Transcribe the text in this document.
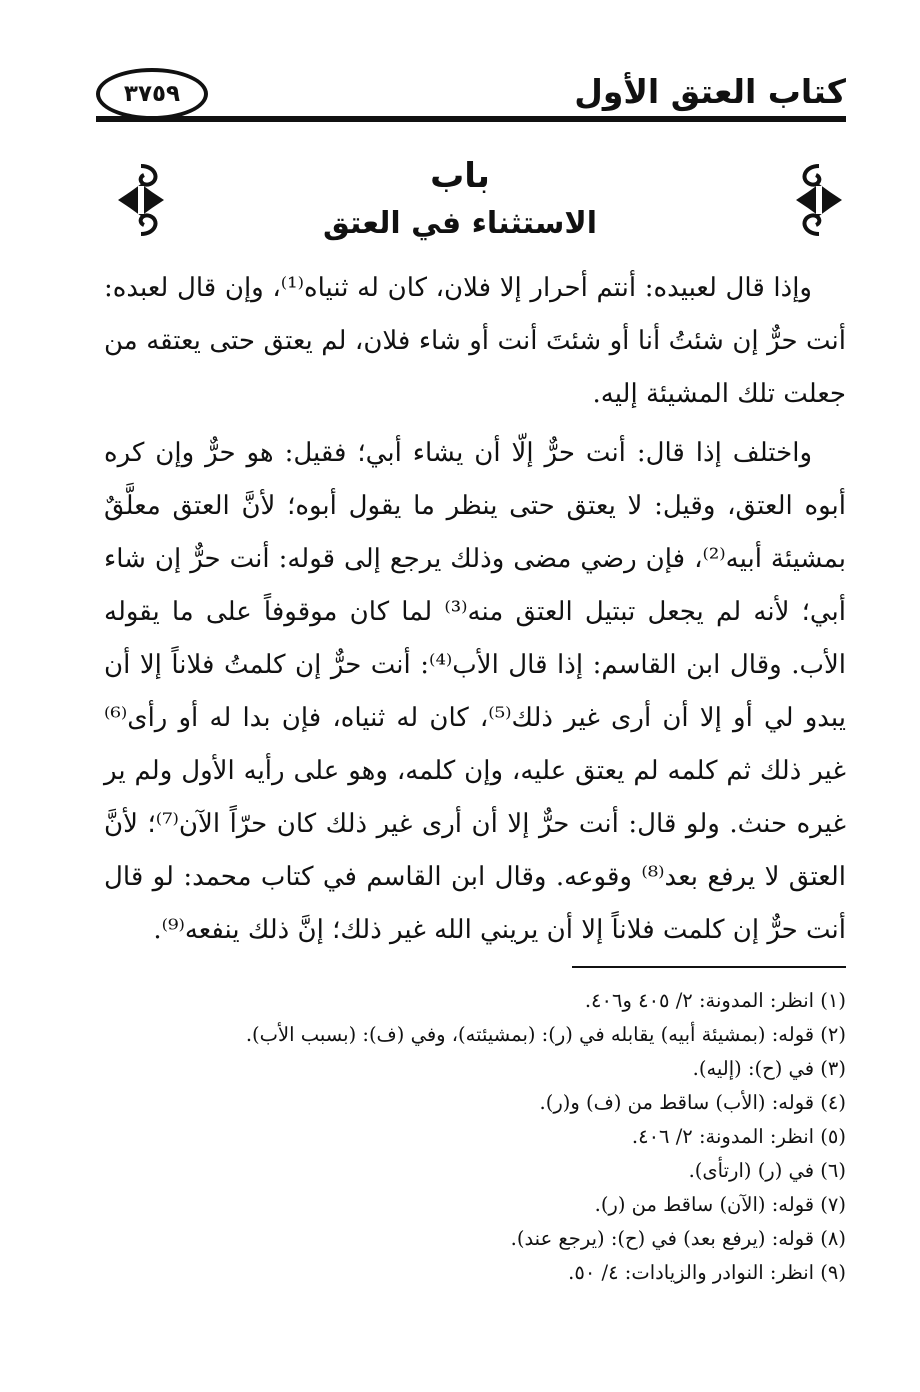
كتاب العتق الأول
٣٧٥٩
باب
الاستثناء في العتق

وإذا قال لعبيده: أنتم أحرار إلا فلان، كان له ثنياه⁽¹⁾، وإن قال لعبده: أنت حرٌّ إن شئتُ أنا أو شئتَ أنت أو شاء فلان، لم يعتق حتى يعتقه من جعلت تلك المشيئة إليه.

واختلف إذا قال: أنت حرٌّ إلّا أن يشاء أبي؛ فقيل: هو حرٌّ وإن كره أبوه العتق، وقيل: لا يعتق حتى ينظر ما يقول أبوه؛ لأنَّ العتق معلَّقٌ بمشيئة أبيه⁽²⁾، فإن رضي مضى وذلك يرجع إلى قوله: أنت حرٌّ إن شاء أبي؛ لأنه لم يجعل تبتيل العتق منه⁽³⁾ لما كان موقوفاً على ما يقوله الأب. وقال ابن القاسم: إذا قال الأب⁽⁴⁾: أنت حرٌّ إن كلمتُ فلاناً إلا أن يبدو لي أو إلا أن أرى غير ذلك⁽⁵⁾، كان له ثنياه، فإن بدا له أو رأى⁽⁶⁾ غير ذلك ثم كلمه لم يعتق عليه، وإن كلمه، وهو على رأيه الأول ولم ير غيره حنث. ولو قال: أنت حرٌّ إلا أن أرى غير ذلك كان حرّاً الآن⁽⁷⁾؛ لأنَّ العتق لا يرفع بعد⁽⁸⁾ وقوعه. وقال ابن القاسم في كتاب محمد: لو قال أنت حرٌّ إن كلمت فلاناً إلا أن يريني الله غير ذلك؛ إنَّ ذلك ينفعه⁽⁹⁾.

(١) انظر: المدونة: ٢/ ٤٠٥ و٤٠٦.
(٢) قوله: (بمشيئة أبيه) يقابله في (ر): (بمشيئته)، وفي (ف): (بسبب الأب).
(٣) في (ح): (إليه).
(٤) قوله: (الأب) ساقط من (ف) و(ر).
(٥) انظر: المدونة: ٢/ ٤٠٦.
(٦) في (ر) (ارتأى).
(٧) قوله: (الآن) ساقط من (ر).
(٨) قوله: (يرفع بعد) في (ح): (يرجع عند).
(٩) انظر: النوادر والزيادات: ٤/ ٥٠.
